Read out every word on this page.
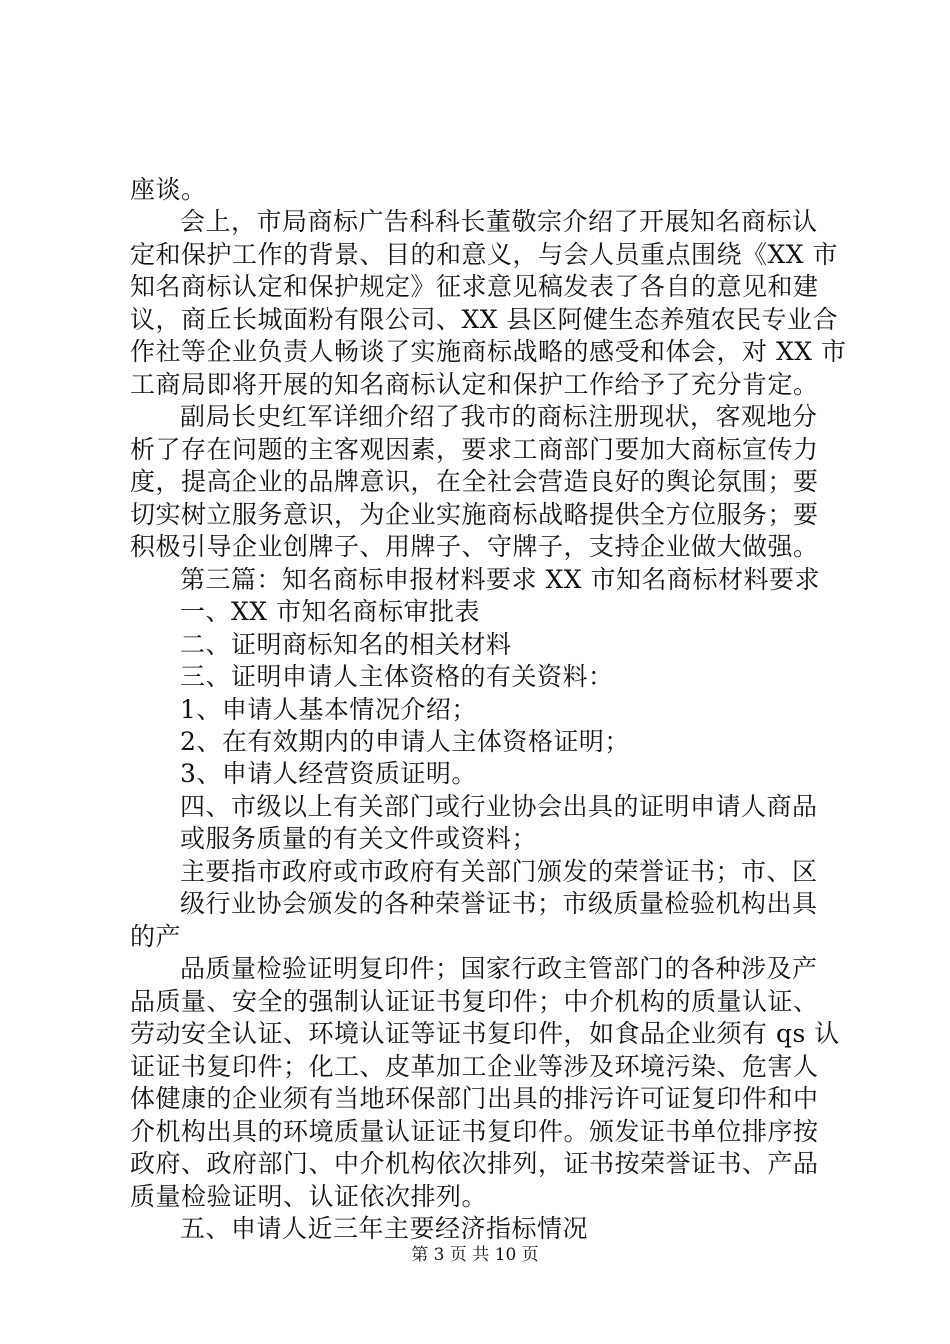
座谈。
会上，市局商标广告科科长董敬宗介绍了开展知名商标认
定和保护工作的背景、目的和意义，与会人员重点围绕《XX 市
知名商标认定和保护规定》征求意见稿发表了各自的意见和建
议，商丘长城面粉有限公司、XX 县区阿健生态养殖农民专业合
作社等企业负责人畅谈了实施商标战略的感受和体会，对 XX 市
工商局即将开展的知名商标认定和保护工作给予了充分肯定。
副局长史红军详细介绍了我市的商标注册现状，客观地分
析了存在问题的主客观因素，要求工商部门要加大商标宣传力
度，提高企业的品牌意识，在全社会营造良好的舆论氛围；要
切实树立服务意识，为企业实施商标战略提供全方位服务；要
积极引导企业创牌子、用牌子、守牌子，支持企业做大做强。
第三篇：知名商标申报材料要求 XX 市知名商标材料要求
一、XX 市知名商标审批表
二、证明商标知名的相关材料
三、证明申请人主体资格的有关资料：
1、申请人基本情况介绍；
2、在有效期内的申请人主体资格证明；
3、申请人经营资质证明。
四、市级以上有关部门或行业协会出具的证明申请人商品
或服务质量的有关文件或资料；
主要指市政府或市政府有关部门颁发的荣誉证书；市、区
级行业协会颁发的各种荣誉证书；市级质量检验机构出具
的产
品质量检验证明复印件；国家行政主管部门的各种涉及产
品质量、安全的强制认证证书复印件；中介机构的质量认证、
劳动安全认证、环境认证等证书复印件，如食品企业须有 qs 认
证证书复印件；化工、皮革加工企业等涉及环境污染、危害人
体健康的企业须有当地环保部门出具的排污许可证复印件和中
介机构出具的环境质量认证证书复印件。颁发证书单位排序按
政府、政府部门、中介机构依次排列，证书按荣誉证书、产品
质量检验证明、认证依次排列。
五、申请人近三年主要经济指标情况
第 3 页 共 10 页
